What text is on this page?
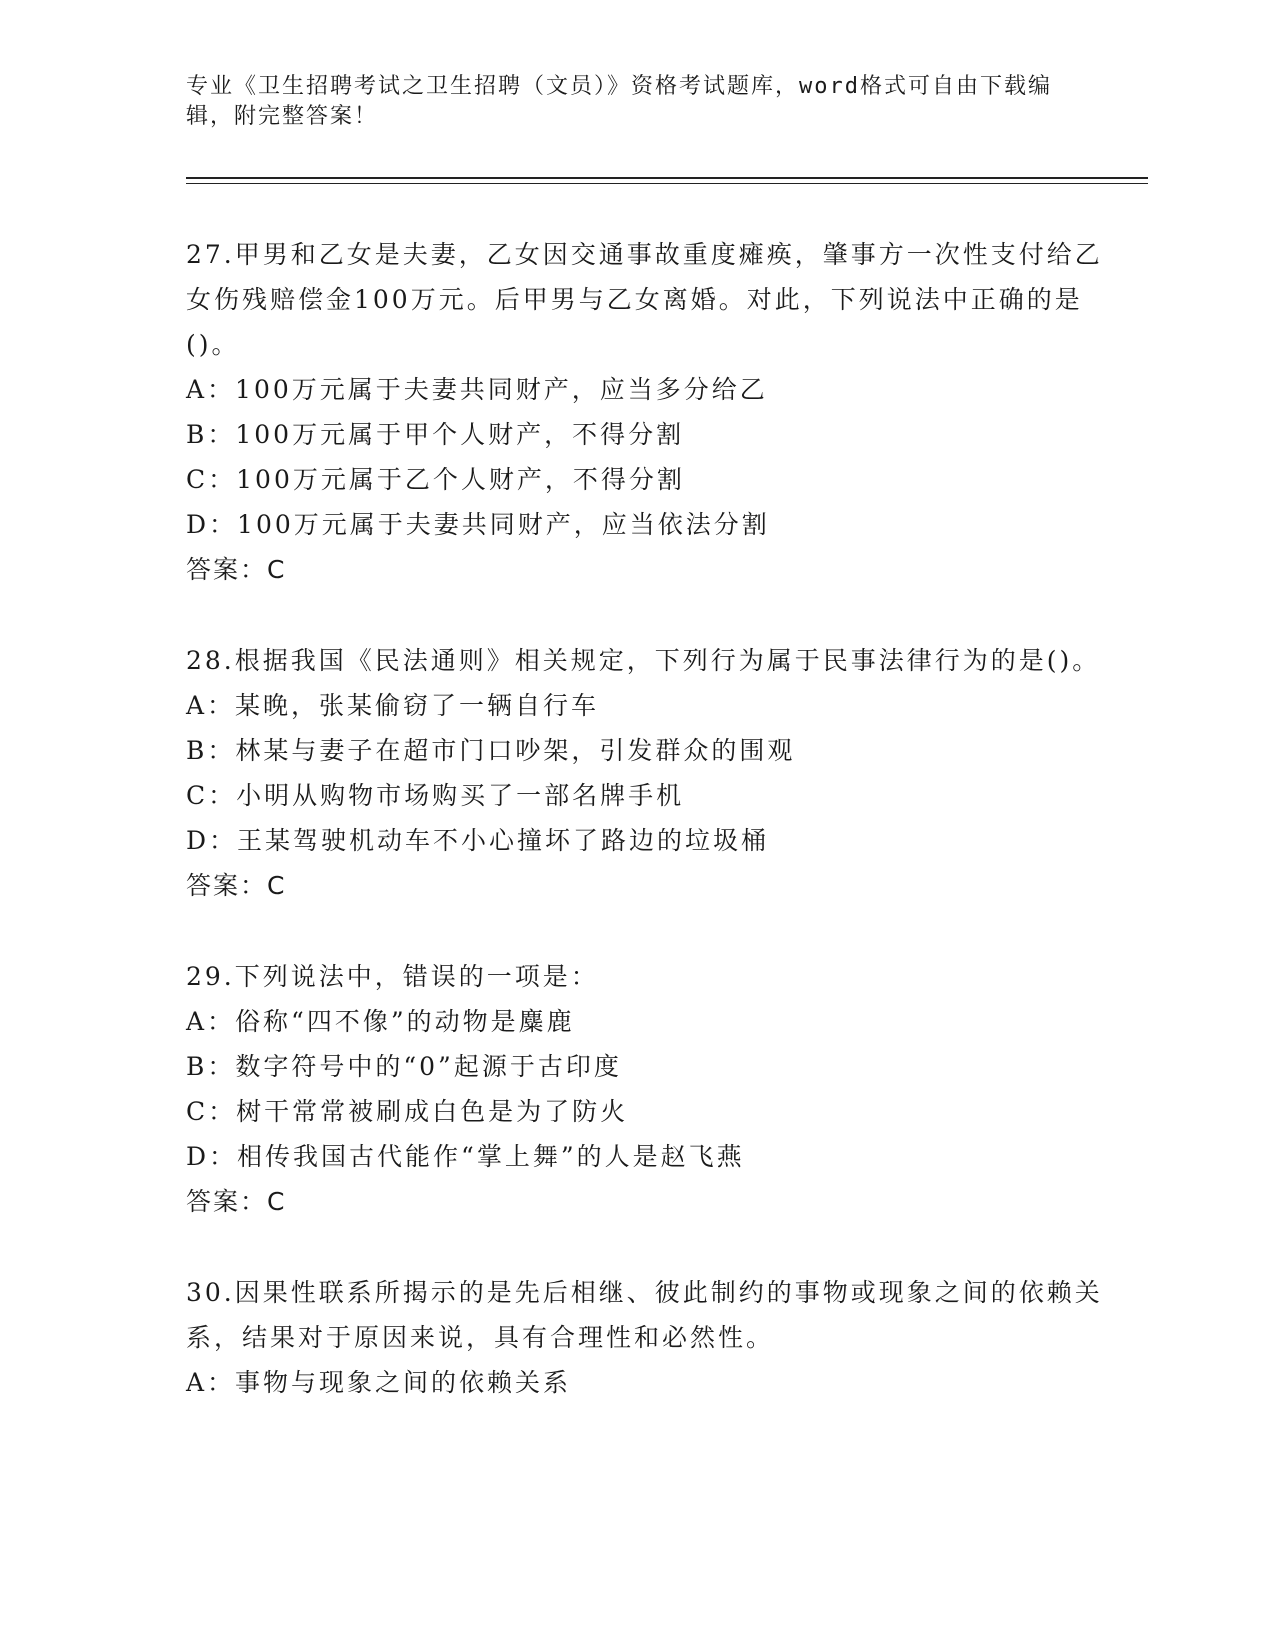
专业《卫生招聘考试之卫生招聘（文员）》资格考试题库，word格式可自由下载编辑，附完整答案！
27.甲男和乙女是夫妻，乙女因交通事故重度瘫痪，肇事方一次性支付给乙女伤残赔偿金100万元。后甲男与乙女离婚。对此，下列说法中正确的是()。
A：100万元属于夫妻共同财产，应当多分给乙
B：100万元属于甲个人财产，不得分割
C：100万元属于乙个人财产，不得分割
D：100万元属于夫妻共同财产，应当依法分割
答案：C
28.根据我国《民法通则》相关规定，下列行为属于民事法律行为的是()。
A：某晚，张某偷窃了一辆自行车
B：林某与妻子在超市门口吵架，引发群众的围观
C：小明从购物市场购买了一部名牌手机
D：王某驾驶机动车不小心撞坏了路边的垃圾桶
答案：C
29.下列说法中，错误的一项是：
A：俗称“四不像”的动物是麋鹿
B：数字符号中的“0”起源于古印度
C：树干常常被刷成白色是为了防火
D：相传我国古代能作“掌上舞”的人是赵飞燕
答案：C
30.因果性联系所揭示的是先后相继、彼此制约的事物或现象之间的依赖关系，结果对于原因来说，具有合理性和必然性。
A：事物与现象之间的依赖关系
